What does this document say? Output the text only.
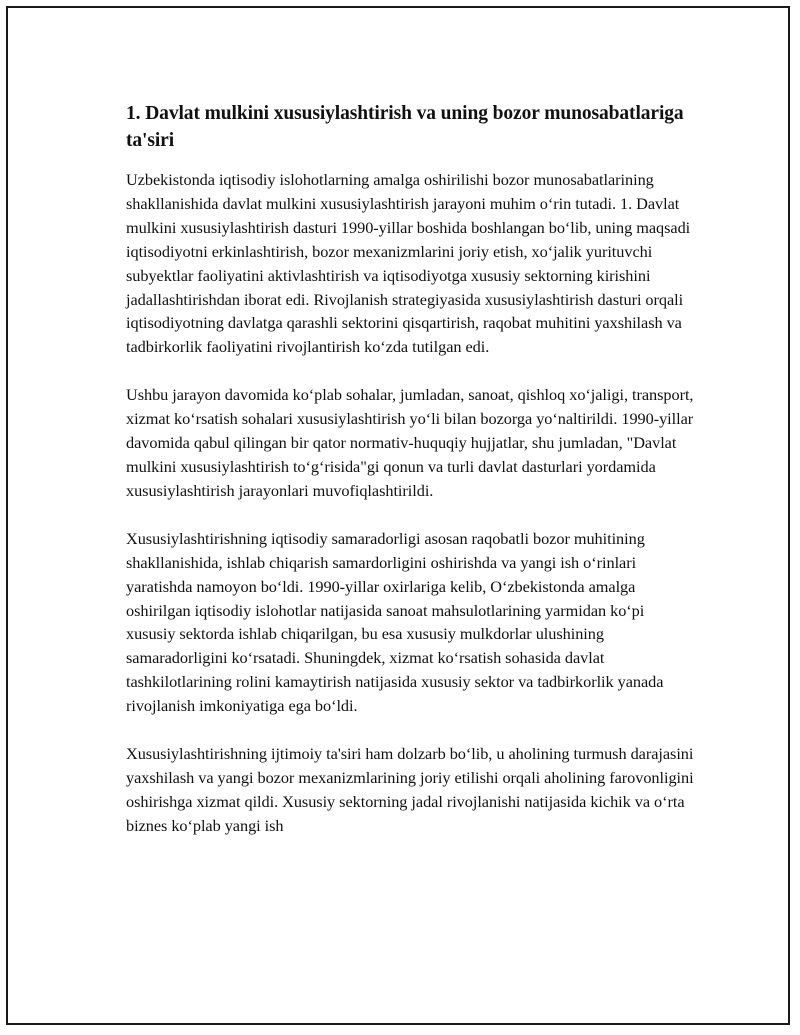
1. Davlat mulkini xususiylashtirish va uning bozor munosabatlariga ta'siri

Uzbekistonda iqtisodiy islohotlarning amalga oshirilishi bozor munosabatlarining shakllanishida davlat mulkini xususiylashtirish jarayoni muhim oʻrin tutadi. 1. Davlat mulkini xususiylashtirish dasturi 1990-yillar boshida boshlangan boʻlib, uning maqsadi iqtisodiyotni erkinlashtirish, bozor mexanizmlarini joriy etish, xoʻjalik yurituvchi subyektlar faoliyatini aktivlashtirish va iqtisodiyotga xususiy sektorning kirishini jadallashtirishdan iborat edi. Rivojlanish strategiyasida xususiylashtirish dasturi orqali iqtisodiyotning davlatga qarashli sektorini qisqartirish, raqobat muhitini yaxshilash va tadbirkorlik faoliyatini rivojlantirish koʻzda tutilgan edi.

Ushbu jarayon davomida koʻplab sohalar, jumladan, sanoat, qishloq xoʻjaligi, transport, xizmat koʻrsatish sohalari xususiylashtirish yoʻli bilan bozorga yoʻnaltirildi. 1990-yillar davomida qabul qilingan bir qator normativ-huquqiy hujjatlar, shu jumladan, "Davlat mulkini xususiylashtirish toʻgʻrisida"gi qonun va turli davlat dasturlari yordamida xususiylashtirish jarayonlari muvofiqlashtirildi.

Xususiylashtirishning iqtisodiy samaradorligi asosan raqobatli bozor muhitining shakllanishida, ishlab chiqarish samardorligini oshirishda va yangi ish oʻrinlari yaratishda namoyon boʻldi. 1990-yillar oxirlariga kelib, Oʻzbekistonda amalga oshirilgan iqtisodiy islohotlar natijasida sanoat mahsulotlarining yarmidan koʻpi xususiy sektorda ishlab chiqarilgan, bu esa xususiy mulkdorlar ulushining samaradorligini koʻrsatadi. Shuningdek, xizmat koʻrsatish sohasida davlat tashkilotlarining rolini kamaytirish natijasida xususiy sektor va tadbirkorlik yanada rivojlanish imkoniyatiga ega boʻldi.

Xususiylashtirishning ijtimoiy ta'siri ham dolzarb boʻlib, u aholining turmush darajasini yaxshilash va yangi bozor mexanizmlarining joriy etilishi orqali aholining farovonligini oshirishga xizmat qildi. Xususiy sektorning jadal rivojlanishi natijasida kichik va oʻrta biznes koʻplab yangi ish
